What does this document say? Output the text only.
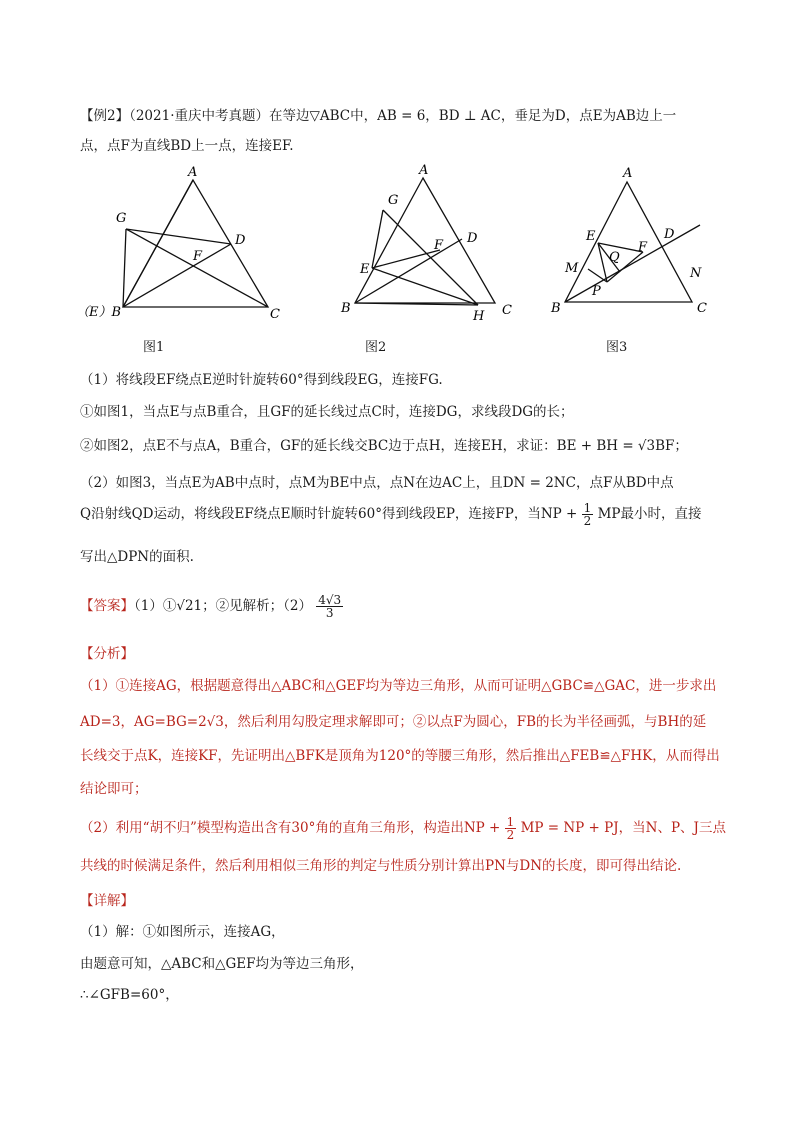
【例2】（2021·重庆中考真题）在等边▽ABC中，AB = 6，BD ⊥ AC，垂足为D，点E为AB边上一
点，点F为直线BD上一点，连接EF.
A
G
D
F
（E）B	C
A
G
D
F
E
B
H C
A
E	D
F
Q
M
P
N
B	C
图1	图2	图3
（1）将线段EF绕点E逆时针旋转60°得到线段EG，连接FG.
①如图1，当点E与点B重合，且GF的延长线过点C时，连接DG，求线段DG的长；
②如图2，点E不与点A，B重合，GF的延长线交BC边于点H，连接EH，求证：BE + BH = √3BF；
（2）如图3，当点E为AB中点时，点M为BE中点，点N在边AC上，且DN = 2NC，点F从BD中点
Q沿射线QD运动，将线段EF绕点E顺时针旋转60°得到线段EP，连接FP，当NP + $\frac{1}{2}$ MP最小时，直接
写出△DPN的面积.
【答案】（1）①√21；②见解析；$(2) \frac{4√3}{3}$
【分析】
（1）①连接AG，根据题意得出△ABC和△GEF均为等边三角形，从而可证明△GBC≌△GAC，进一步求出
AD=3，AG=BG=2√3，然后利用勾股定理求解即可；②以点F为圆心，FB的长为半径画弧，与BH的延
长线交于点K，连接KF，先证明出△BFK是顶角为120°的等腰三角形，然后推出△FEB≌△FHK，从而得出
结论即可；
（2）利用“胡不归”模型构造出含有30°角的直角三角形，构造出NP + $\frac{1}{2}$ MP = NP + PJ，当N、P、J三点
共线的时候满足条件，然后利用相似三角形的判定与性质分别计算出PN与DN的长度，即可得出结论.
【详解】
（1）解：①如图所示，连接AG，
由题意可知，△ABC和△GEF均为等边三角形，
∴∠GFB=60°，
